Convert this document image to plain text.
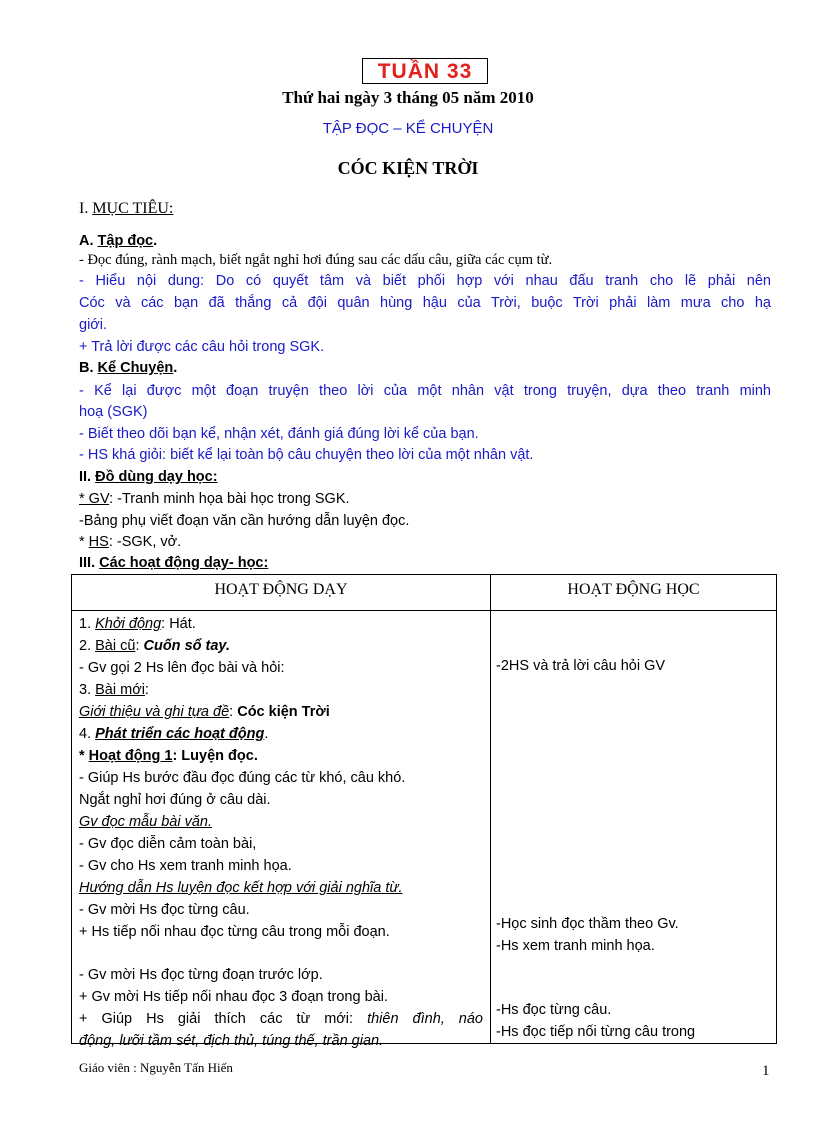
TUẦN 33
Thứ hai ngày 3 tháng 05 năm 2010
TẬP ĐỌC – KỂ CHUYỆN
CÓC KIỆN TRỜI
I. MỤC TIÊU:
A. Tập đọc.
- Đọc đúng, rành mạch, biết ngắt nghỉ hơi đúng sau các dấu câu, giữa các cụm từ.
- Hiểu nội dung: Do có quyết tâm và biết phối hợp với nhau đấu tranh cho lẽ phải nên
Cóc và các bạn đã thắng cả đội quân hùng hậu của Trời, buộc Trời phải làm mưa cho hạ
giới.
+ Trả lời được các câu hỏi trong SGK.
B. Kể Chuyện.
- Kể lại được một đoạn truyện theo lời của một nhân vật trong truyện, dựa theo tranh minh
hoạ (SGK)
- Biết theo dõi bạn kể, nhận xét, đánh giá đúng lời kể của bạn.
- HS khá giỏi: biết kể lại toàn bộ câu chuyện theo lời của một nhân vật.
II. Đồ dùng dạy học:
* GV: -Tranh minh họa bài học trong SGK.
-Bảng phụ viết đoạn văn cần hướng dẫn luyện đọc.
* HS: -SGK, vở.
III. Các hoạt động dạy- học:
HOẠT ĐỘNG DẠY	HOẠT ĐỘNG HỌC
1. Khởi động: Hát.
2. Bài cũ: Cuốn sổ tay.
- Gv gọi 2 Hs lên đọc bài và hỏi:
3. Bài mới:
Giới thiệu và ghi tựa đề: Cóc kiện Trời
4. Phát triển các hoạt động.
* Hoạt động 1: Luyện đọc.
- Giúp Hs bước đầu đọc đúng các từ khó, câu khó.
Ngắt nghỉ hơi đúng ở câu dài.
Gv đọc mẫu bài văn.
- Gv đọc diễn cảm toàn bài,
- Gv cho Hs xem tranh minh họa.
Hướng dẫn Hs luyện đọc kết hợp với giải nghĩa từ.
- Gv mời Hs đọc từng câu.
+ Hs tiếp nối nhau đọc từng câu trong mỗi đoạn.
- Gv mời Hs đọc từng đoạn trước lớp.
+ Gv mời Hs tiếp nối nhau đọc 3 đoạn trong bài.
+ Giúp Hs giải thích các từ mới: thiên đình, náo
động, lưỡi tầm sét, địch thủ, túng thế, trần gian.
-2HS và trả lời câu hỏi GV
-Học sinh đọc thầm theo Gv.
-Hs xem tranh minh họa.
-Hs đọc từng câu.
-Hs đọc tiếp nối từng câu trong
Giáo viên : Nguyễn Tấn Hiến	1
